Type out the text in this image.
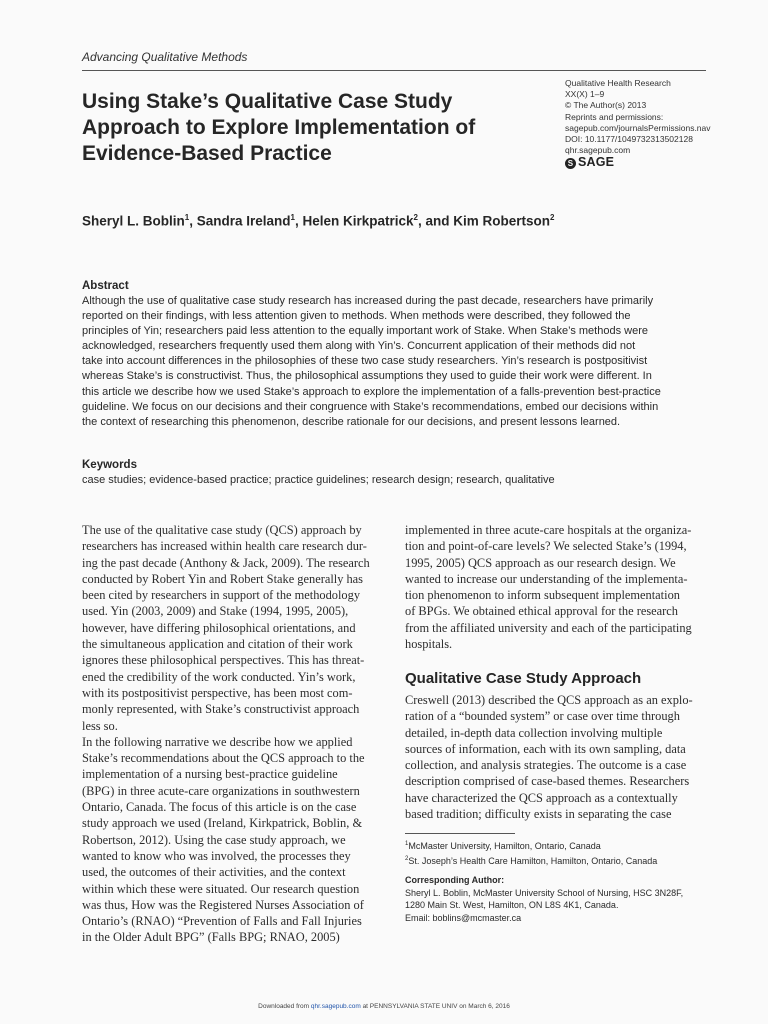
Advancing Qualitative Methods
Using Stake’s Qualitative Case Study Approach to Explore Implementation of Evidence-Based Practice
Qualitative Health Research
XX(X) 1–9
© The Author(s) 2013
Reprints and permissions:
sagepub.com/journalsPermissions.nav
DOI: 10.1177/1049732313502128
qhr.sagepub.com
S SAGE
Sheryl L. Boblin$^1$, Sandra Ireland$^1$, Helen Kirkpatrick$^2$, and Kim Robertson$^2$
Abstract
Although the use of qualitative case study research has increased during the past decade, researchers have primarily
reported on their findings, with less attention given to methods. When methods were described, they followed the
principles of Yin; researchers paid less attention to the equally important work of Stake. When Stake’s methods were
acknowledged, researchers frequently used them along with Yin’s. Concurrent application of their methods did not
take into account differences in the philosophies of these two case study researchers. Yin’s research is postpositivist
whereas Stake’s is constructivist. Thus, the philosophical assumptions they used to guide their work were different. In
this article we describe how we used Stake’s approach to explore the implementation of a falls-prevention best-practice
guideline. We focus on our decisions and their congruence with Stake’s recommendations, embed our decisions within
the context of researching this phenomenon, describe rationale for our decisions, and present lessons learned.
Keywords
case studies; evidence-based practice; practice guidelines; research design; research, qualitative
The use of the qualitative case study (QCS) approach by
researchers has increased within health care research dur-
ing the past decade (Anthony & Jack, 2009). The research
conducted by Robert Yin and Robert Stake generally has
been cited by researchers in support of the methodology
used. Yin (2003, 2009) and Stake (1994, 1995, 2005),
however, have differing philosophical orientations, and
the simultaneous application and citation of their work
ignores these philosophical perspectives. This has threat-
ened the credibility of the work conducted. Yin’s work,
with its postpositivist perspective, has been most com-
monly represented, with Stake’s constructivist approach
less so.
In the following narrative we describe how we applied
Stake’s recommendations about the QCS approach to the
implementation of a nursing best-practice guideline
(BPG) in three acute-care organizations in southwestern
Ontario, Canada. The focus of this article is on the case
study approach we used (Ireland, Kirkpatrick, Boblin, &
Robertson, 2012). Using the case study approach, we
wanted to know who was involved, the processes they
used, the outcomes of their activities, and the context
within which these were situated. Our research question
was thus, How was the Registered Nurses Association of
Ontario’s (RNAO) “Prevention of Falls and Fall Injuries
in the Older Adult BPG” (Falls BPG; RNAO, 2005)
implemented in three acute-care hospitals at the organiza-
tion and point-of-care levels? We selected Stake’s (1994,
1995, 2005) QCS approach as our research design. We
wanted to increase our understanding of the implementa-
tion phenomenon to inform subsequent implementation
of BPGs. We obtained ethical approval for the research
from the affiliated university and each of the participating
hospitals.
Qualitative Case Study Approach
Creswell (2013) described the QCS approach as an explo-
ration of a “bounded system” or case over time through
detailed, in-depth data collection involving multiple
sources of information, each with its own sampling, data
collection, and analysis strategies. The outcome is a case
description comprised of case-based themes. Researchers
have characterized the QCS approach as a contextually
based tradition; difficulty exists in separating the case
$^1$McMaster University, Hamilton, Ontario, Canada
$^2$St. Joseph’s Health Care Hamilton, Hamilton, Ontario, Canada
Corresponding Author:
Sheryl L. Boblin, McMaster University School of Nursing, HSC 3N28F,
1280 Main St. West, Hamilton, ON L8S 4K1, Canada.
Email: boblins@mcmaster.ca
Downloaded from qhr.sagepub.com at PENNSYLVANIA STATE UNIV on March 6, 2016
